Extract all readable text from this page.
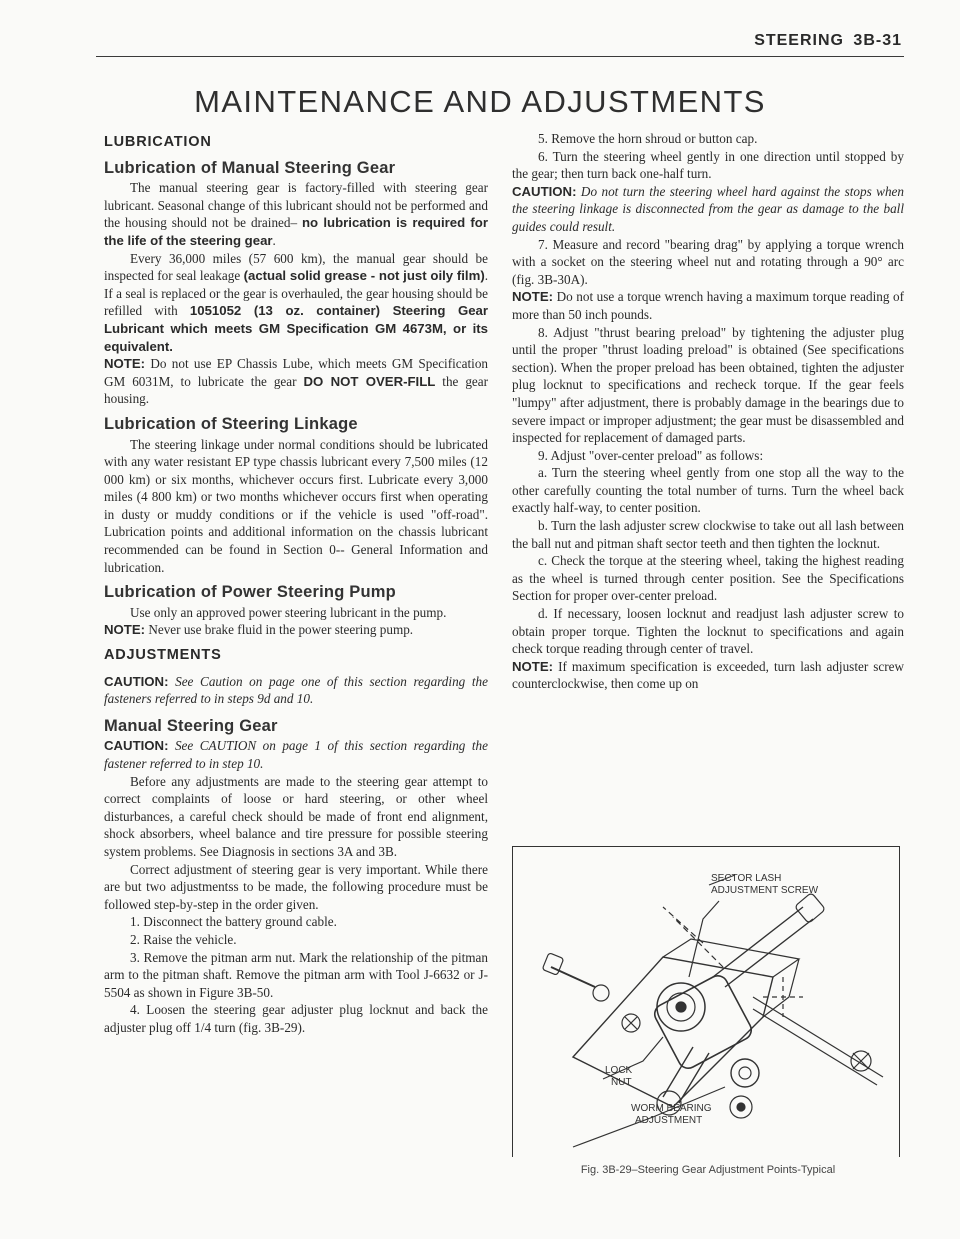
STEERING 3B-31
MAINTENANCE AND ADJUSTMENTS
LUBRICATION
Lubrication of Manual Steering Gear

The manual steering gear is factory-filled with steering gear lubricant. Seasonal change of this lubricant should not be performed and the housing should not be drained– no lubrication is required for the life of the steering gear.

Every 36,000 miles (57 600 km), the manual gear should be inspected for seal leakage (actual solid grease - not just oily film). If a seal is replaced or the gear is overhauled, the gear housing should be refilled with 1051052 (13 oz. container) Steering Gear Lubricant which meets GM Specification GM 4673M, or its equivalent.

NOTE: Do not use EP Chassis Lube, which meets GM Specification GM 6031M, to lubricate the gear DO NOT OVER-FILL the gear housing.

Lubrication of Steering Linkage

The steering linkage under normal conditions should be lubricated with any water resistant EP type chassis lubricant every 7,500 miles (12 000 km) or six months, whichever occurs first. Lubricate every 3,000 miles (4 800 km) or two months whichever occurs first when operating in dusty or muddy conditions or if the vehicle is used "off-road". Lubrication points and additional information on the chassis lubricant recommended can be found in Section 0-- General Information and lubrication.

Lubrication of Power Steering Pump

Use only an approved power steering lubricant in the pump.

NOTE: Never use brake fluid in the power steering pump.

ADJUSTMENTS

CAUTION: See Caution on page one of this section regarding the fasteners referred to in steps 9d and 10.

Manual Steering Gear

CAUTION: See CAUTION on page 1 of this section regarding the fastener referred to in step 10.

Before any adjustments are made to the steering gear attempt to correct complaints of loose or hard steering, or other wheel disturbances, a careful check should be made of front end alignment, shock absorbers, wheel balance and tire pressure for possible steering system problems. See Diagnosis in sections 3A and 3B.

Correct adjustment of steering gear is very important. While there are but two adjustmentss to be made, the following procedure must be followed step-by-step in the order given.

1. Disconnect the battery ground cable.

2. Raise the vehicle.

3. Remove the pitman arm nut. Mark the relationship of the pitman arm to the pitman shaft. Remove the pitman arm with Tool J-6632 or J-5504 as shown in Figure 3B-50.

4. Loosen the steering gear adjuster plug locknut and back the adjuster plug off 1/4 turn (fig. 3B-29).

5. Remove the horn shroud or button cap.

6. Turn the steering wheel gently in one direction until stopped by the gear; then turn back one-half turn.

CAUTION: Do not turn the steering wheel hard against the stops when the steering linkage is disconnected from the gear as damage to the ball guides could result.

7. Measure and record "bearing drag" by applying a torque wrench with a socket on the steering wheel nut and rotating through a 90° arc (fig. 3B-30A).

NOTE: Do not use a torque wrench having a maximum torque reading of more than 50 inch pounds.

8. Adjust "thrust bearing preload" by tightening the adjuster plug until the proper "thrust loading preload" is obtained (See specifications section). When the proper preload has been obtained, tighten the adjuster plug locknut to specifications and recheck torque. If the gear feels "lumpy" after adjustment, there is probably damage in the bearings due to severe impact or improper adjustment; the gear must be disassembled and inspected for replacement of damaged parts.

9. Adjust "over-center preload" as follows:

a. Turn the steering wheel gently from one stop all the way to the other carefully counting the total number of turns. Turn the wheel back exactly half-way, to center position.

b. Turn the lash adjuster screw clockwise to take out all lash between the ball nut and pitman shaft sector teeth and then tighten the locknut.

c. Check the torque at the steering wheel, taking the highest reading as the wheel is turned through center position. See the Specifications Section for proper over-center preload.

d. If necessary, loosen locknut and readjust lash adjuster screw to obtain proper torque. Tighten the locknut to specifications and again check torque reading through center of travel.

NOTE: If maximum specification is exceeded, turn lash adjuster screw counterclockwise, then come up on

SECTOR LASH
ADJUSTMENT SCREW
LOCK
NUT
WORM BEARING
ADJUSTMENT
Fig. 3B-29–Steering Gear Adjustment Points-Typical
